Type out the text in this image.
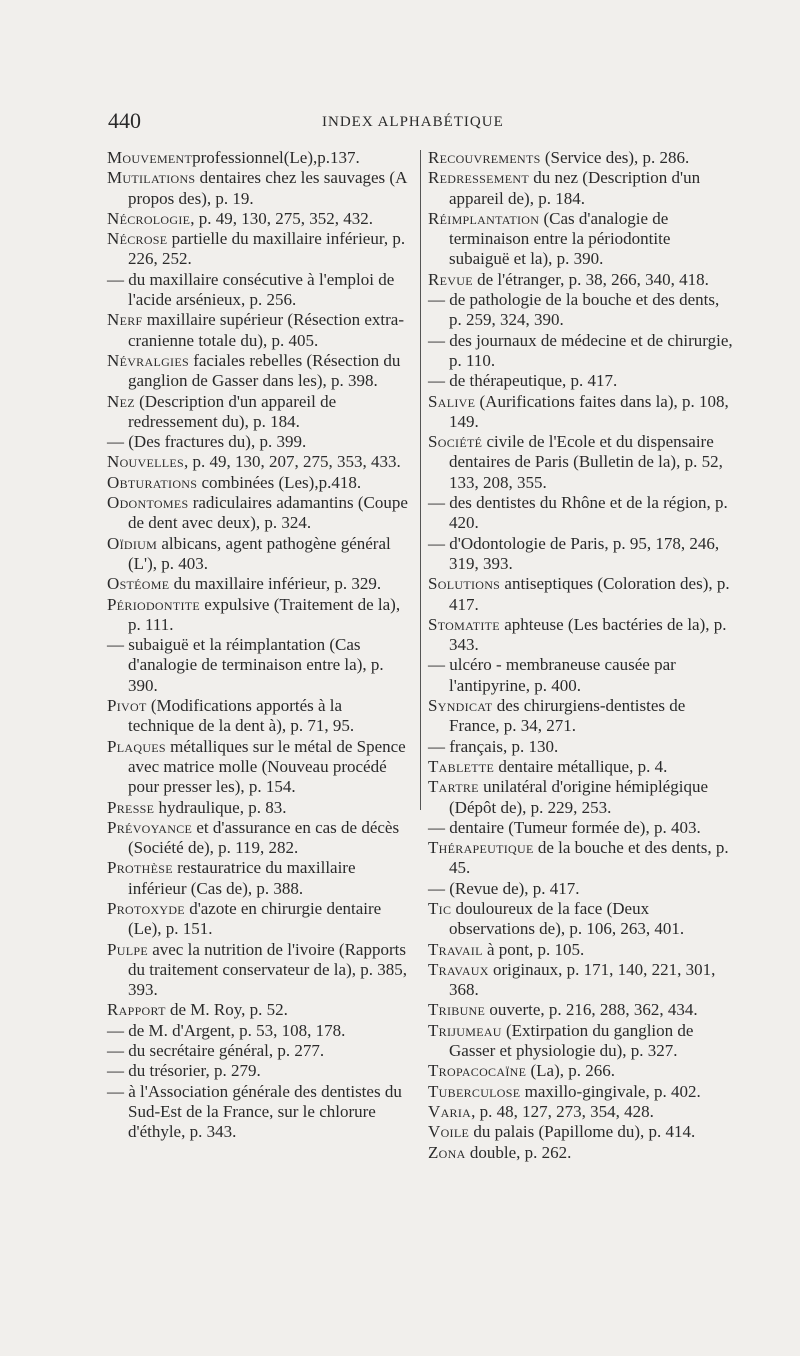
440	INDEX ALPHABÉTIQUE

Mouvementprofessionnel(Le),p.137.

Mutilations dentaires chez les sauvages (A propos des), p. 19.

Nécrologie, p. 49, 130, 275, 352, 432.

Nécrose partielle du maxillaire inférieur, p. 226, 252.

— du maxillaire consécutive à l'emploi de l'acide arsénieux, p. 256.

Nerf maxillaire supérieur (Résection extra-cranienne totale du), p. 405.

Névralgies faciales rebelles (Résection du ganglion de Gasser dans les), p. 398.

Nez (Description d'un appareil de redressement du), p. 184.

— (Des fractures du), p. 399.

Nouvelles, p. 49, 130, 207, 275, 353, 433.

Obturations combinées (Les),p.418.

Odontomes radiculaires adamantins (Coupe de dent avec deux), p. 324.

Oïdium albicans, agent pathogène général (L'), p. 403.

Ostéome du maxillaire inférieur, p. 329.

Périodontite expulsive (Traitement de la), p. 111.

— subaiguë et la réimplantation (Cas d'analogie de terminaison entre la), p. 390.

Pivot (Modifications apportés à la technique de la dent à), p. 71, 95.

Plaques métalliques sur le métal de Spence avec matrice molle (Nouveau procédé pour presser les), p. 154.

Presse hydraulique, p. 83.

Prévoyance et d'assurance en cas de décès (Société de), p. 119, 282.

Prothèse restauratrice du maxillaire inférieur (Cas de), p. 388.

Protoxyde d'azote en chirurgie dentaire (Le), p. 151.

Pulpe avec la nutrition de l'ivoire (Rapports du traitement conservateur de la), p. 385, 393.

Rapport de M. Roy, p. 52.

— de M. d'Argent, p. 53, 108, 178.

— du secrétaire général, p. 277.

— du trésorier, p. 279.

— à l'Association générale des dentistes du Sud-Est de la France, sur le chlorure d'éthyle, p. 343.

Recouvrements (Service des), p. 286.

Redressement du nez (Description d'un appareil de), p. 184.

Réimplantation (Cas d'analogie de terminaison entre la périodontite subaiguë et la), p. 390.

Revue de l'étranger, p. 38, 266, 340, 418.

— de pathologie de la bouche et des dents, p. 259, 324, 390.

— des journaux de médecine et de chirurgie, p. 110.

— de thérapeutique, p. 417.

Salive (Aurifications faites dans la), p. 108, 149.

Société civile de l'Ecole et du dispensaire dentaires de Paris (Bulletin de la), p. 52, 133, 208, 355.

— des dentistes du Rhône et de la région, p. 420.

— d'Odontologie de Paris, p. 95, 178, 246, 319, 393.

Solutions antiseptiques (Coloration des), p. 417.

Stomatite aphteuse (Les bactéries de la), p. 343.

— ulcéro - membraneuse causée par l'antipyrine, p. 400.

Syndicat des chirurgiens-dentistes de France, p. 34, 271.

— français, p. 130.

Tablette dentaire métallique, p. 4.

Tartre unilatéral d'origine hémiplégique (Dépôt de), p. 229, 253.

— dentaire (Tumeur formée de), p. 403.

Thérapeutique de la bouche et des dents, p. 45.

— (Revue de), p. 417.

Tic douloureux de la face (Deux observations de), p. 106, 263, 401.

Travail à pont, p. 105.

Travaux originaux, p. 171, 140, 221, 301, 368.

Tribune ouverte, p. 216, 288, 362, 434.

Trijumeau (Extirpation du ganglion de Gasser et physiologie du), p. 327.

Tropacocaïne (La), p. 266.

Tuberculose maxillo-gingivale, p. 402.

Varia, p. 48, 127, 273, 354, 428.

Voile du palais (Papillome du), p. 414.

Zona double, p. 262.
